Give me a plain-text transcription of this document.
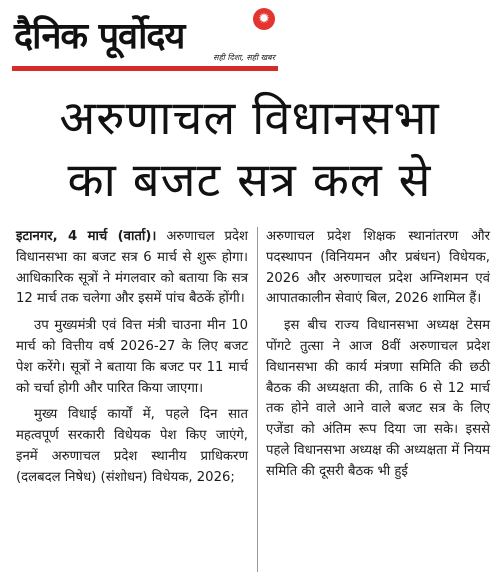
दैनिक पूर्वोदय	✹
सही दिशा, सही खबर
अरुणाचल विधानसभा
का बजट सत्र कल से

इटानगर, 4 मार्च (वार्ता)। अरुणाचल प्रदेश विधानसभा का बजट सत्र 6 मार्च से शुरू होगा। आधिकारिक सूत्रों ने मंगलवार को बताया कि सत्र 12 मार्च तक चलेगा और इसमें पांच बैठकें होंगी।

उप मुख्यमंत्री एवं वित्त मंत्री चाउना मीन 10 मार्च को वित्तीय वर्ष 2026-27 के लिए बजट पेश करेंगे। सूत्रों ने बताया कि बजट पर 11 मार्च को चर्चा होगी और पारित किया जाएगा।

मुख्य विधाई कार्यों में, पहले दिन सात महत्वपूर्ण सरकारी विधेयक पेश किए जाएंगे, इनमें अरुणाचल प्रदेश स्थानीय प्राधिकरण (दलबदल निषेध) (संशोधन) विधेयक, 2026;

अरुणाचल प्रदेश शिक्षक स्थानांतरण और पदस्थापन (विनियमन और प्रबंधन) विधेयक, 2026 और अरुणाचल प्रदेश अग्निशमन एवं आपातकालीन सेवाएं बिल, 2026 शामिल हैं।

इस बीच राज्य विधानसभा अध्यक्ष टेसम पोंगटे तुत्सा ने आज 8वीं अरुणाचल प्रदेश विधानसभा की कार्य मंत्रणा समिति की छठी बैठक की अध्यक्षता की, ताकि 6 से 12 मार्च तक होने वाले आने वाले बजट सत्र के लिए एजेंडा को अंतिम रूप दिया जा सके। इससे पहले विधानसभा अध्यक्ष की अध्यक्षता में नियम समिति की दूसरी बैठक भी हुई
